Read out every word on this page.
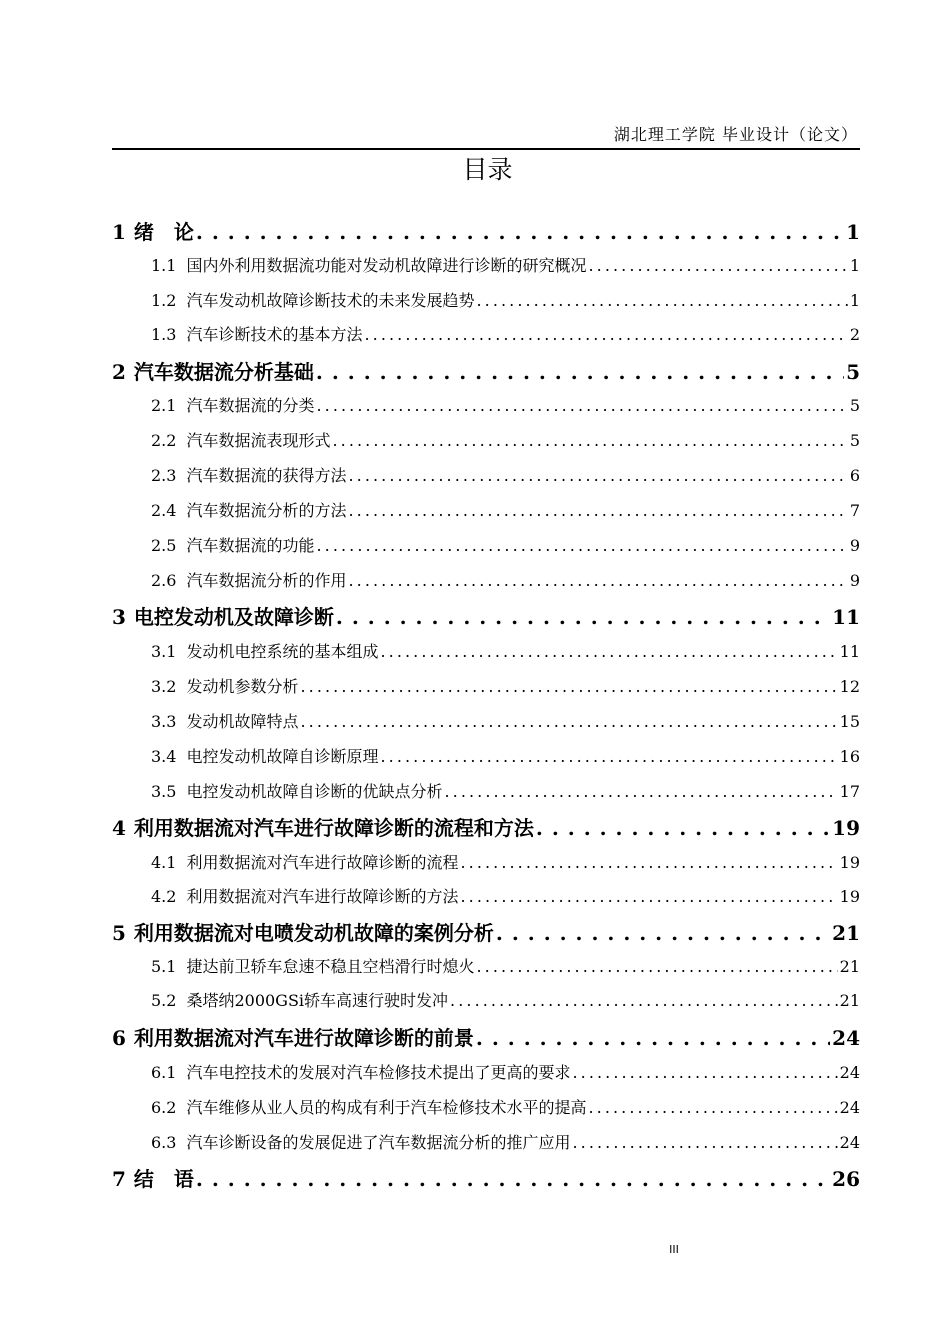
湖北理工学院 毕业设计（论文）
目录
1 绪　论 . . .	1
1.1 国内外利用数据流功能对发动机故障进行诊断的研究概况 . . .	1
1.2 汽车发动机故障诊断技术的未来发展趋势 . . .	1
1.3 汽车诊断技术的基本方法 . . .	2
2 汽车数据流分析基础 . . .	5
2.1 汽车数据流的分类 . . .	5
2.2 汽车数据流表现形式 . . .	5
2.3 汽车数据流的获得方法 . . .	6
2.4 汽车数据流分析的方法 . . .	7
2.5 汽车数据流的功能 . . .	9
2.6 汽车数据流分析的作用 . . .	9
3 电控发动机及故障诊断 . . .	11
3.1 发动机电控系统的基本组成 . . .	11
3.2 发动机参数分析 . . .	12
3.3 发动机故障特点 . . .	15
3.4 电控发动机故障自诊断原理 . . .	16
3.5 电控发动机故障自诊断的优缺点分析 . . .	17
4 利用数据流对汽车进行故障诊断的流程和方法 . . .	19
4.1 利用数据流对汽车进行故障诊断的流程 . . .	19
4.2 利用数据流对汽车进行故障诊断的方法 . . .	19
5 利用数据流对电喷发动机故障的案例分析 . . .	21
5.1 捷达前卫轿车怠速不稳且空档滑行时熄火 . . .	21
5.2 桑塔纳2000GSi轿车高速行驶时发冲 . . .	21
6 利用数据流对汽车进行故障诊断的前景 . . .	24
6.1 汽车电控技术的发展对汽车检修技术提出了更高的要求 . . .	24
6.2 汽车维修从业人员的构成有利于汽车检修技术水平的提高 . . .	24
6.3 汽车诊断设备的发展促进了汽车数据流分析的推广应用 . . .	24
7 结　语 . . .	26
III
